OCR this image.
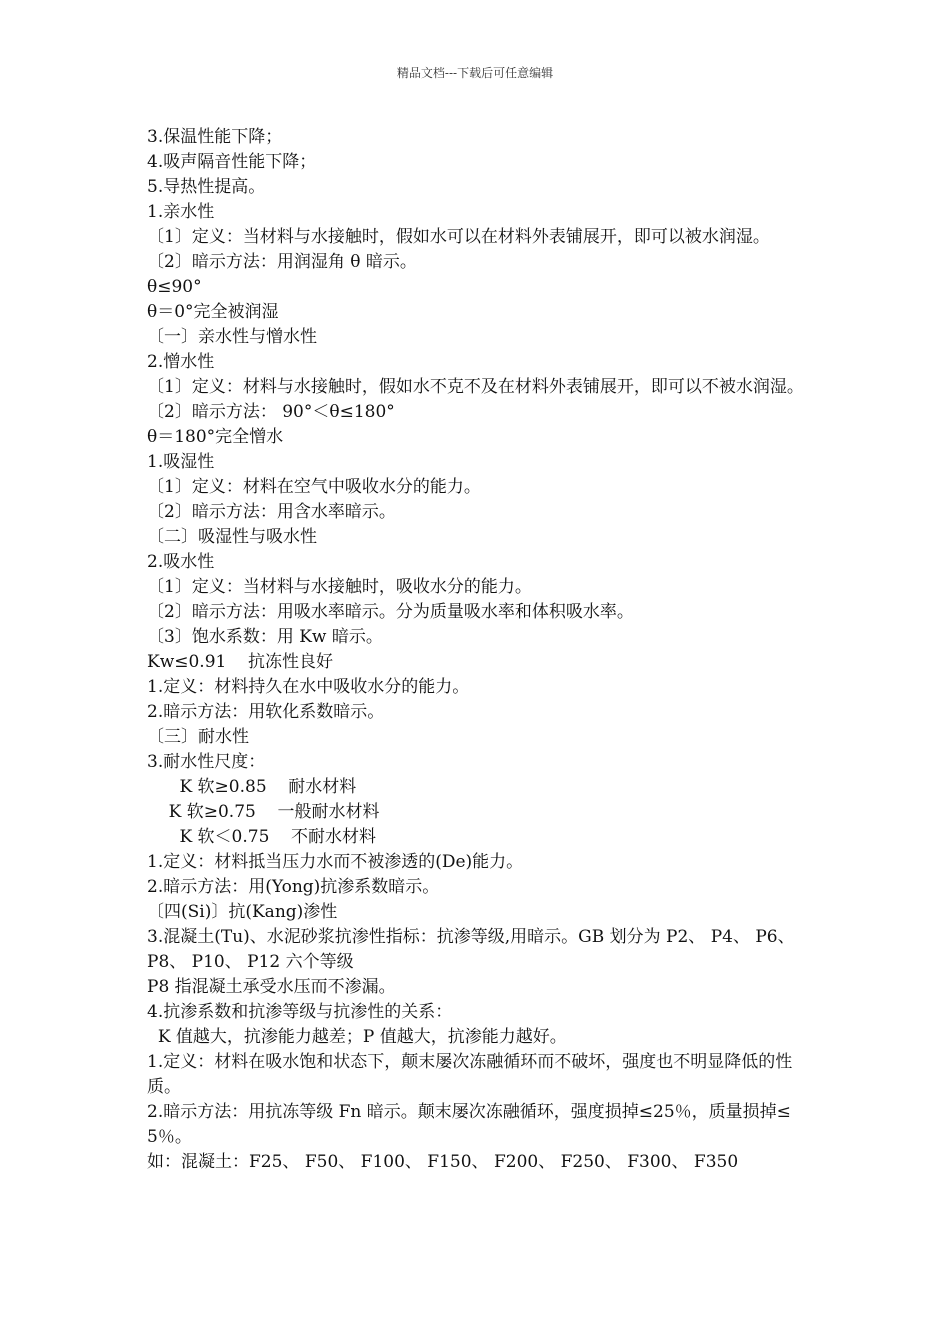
精品文档---下载后可任意编辑

3.保温性能下降；

4.吸声隔音性能下降；

5.导热性提高。

1.亲水性

〔1〕定义：当材料与水接触时，假如水可以在材料外表铺展开，即可以被水润湿。

〔2〕暗示方法：用润湿角 θ 暗示。

θ≤90°

θ＝0°完全被润湿

〔一〕亲水性与憎水性

2.憎水性

〔1〕定义：材料与水接触时，假如水不克不及在材料外表铺展开，即可以不被水润湿。

〔2〕暗示方法： 90°＜θ≤180°

θ＝180°完全憎水

1.吸湿性

〔1〕定义：材料在空气中吸收水分的能力。

〔2〕暗示方法：用含水率暗示。

〔二〕吸湿性与吸水性

2.吸水性

〔1〕定义：当材料与水接触时，吸收水分的能力。

〔2〕暗示方法：用吸水率暗示。分为质量吸水率和体积吸水率。

〔3〕饱水系数：用 Kw 暗示。

Kw≤0.91    抗冻性良好

1.定义：材料持久在水中吸收水分的能力。

2.暗示方法：用软化系数暗示。

〔三〕耐水性

3.耐水性尺度：

K 软≥0.85    耐水材料

K 软≥0.75    一般耐水材料

K 软＜0.75    不耐水材料

1.定义：材料抵当压力水而不被渗透的(De)能力。

2.暗示方法：用(Yong)抗渗系数暗示。

〔四(Si)〕抗(Kang)渗性

3.混凝土(Tu)、水泥砂浆抗渗性指标：抗渗等级,用暗示。GB 划分为 P2、 P4、 P6、 P8、 P10、 P12 六个等级

P8 指混凝土承受水压而不渗漏。

4.抗渗系数和抗渗等级与抗渗性的关系：

K 值越大，抗渗能力越差；P 值越大，抗渗能力越好。

1.定义：材料在吸水饱和状态下，颠末屡次冻融循环而不破坏，强度也不明显降低的性质。

2.暗示方法：用抗冻等级 Fn 暗示。颠末屡次冻融循环，强度损掉≤25％，质量损掉≤5％。

如：混凝土：F25、 F50、 F100、 F150、 F200、 F250、 F300、 F350
